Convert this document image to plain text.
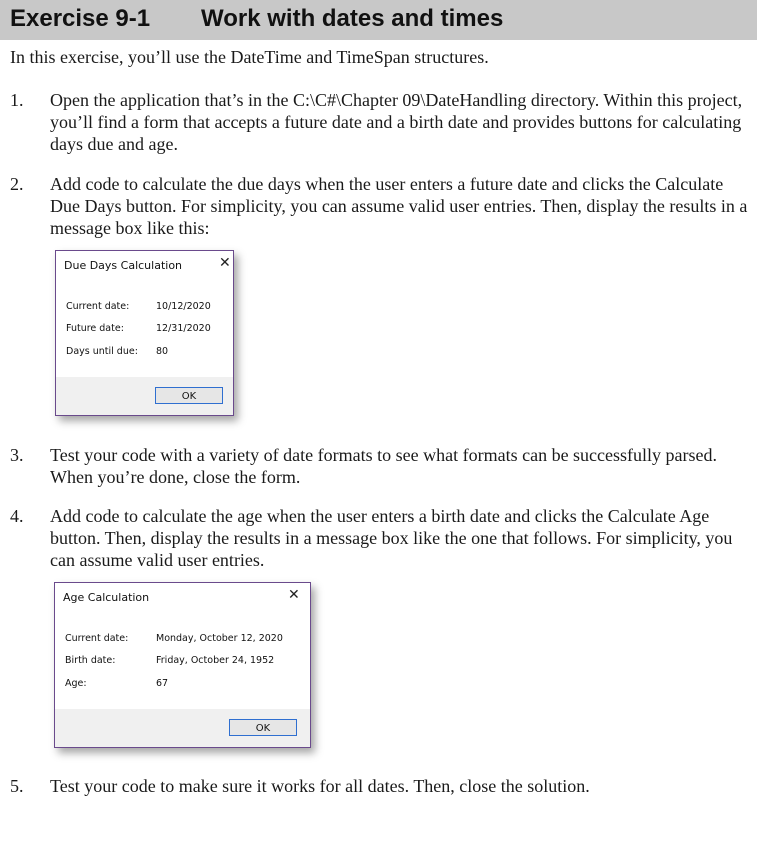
Exercise 9-1 Work with dates and times
In this exercise, you’ll use the DateTime and TimeSpan structures.
1. Open the application that’s in the C:\C#\Chapter 09\DateHandling directory. Within this project, you’ll find a form that accepts a future date and a birth date and provides buttons for calculating days due and age.
2. Add code to calculate the due days when the user enters a future date and clicks the Calculate Due Days button. For simplicity, you can assume valid user entries. Then, display the results in a message box like this:
Due Days Calculation	✕
Current date:	10/12/2020
Future date:	12/31/2020
Days until due: 80
OK
3. Test your code with a variety of date formats to see what formats can be successfully parsed. When you’re done, close the form.
4. Add code to calculate the age when the user enters a birth date and clicks the Calculate Age button. Then, display the results in a message box like the one that follows. For simplicity, you can assume valid user entries.
Age Calculation	✕
Current date:	Monday, October 12, 2020
Birth date:	Friday, October 24, 1952
Age:	67
OK
5. Test your code to make sure it works for all dates. Then, close the solution.
